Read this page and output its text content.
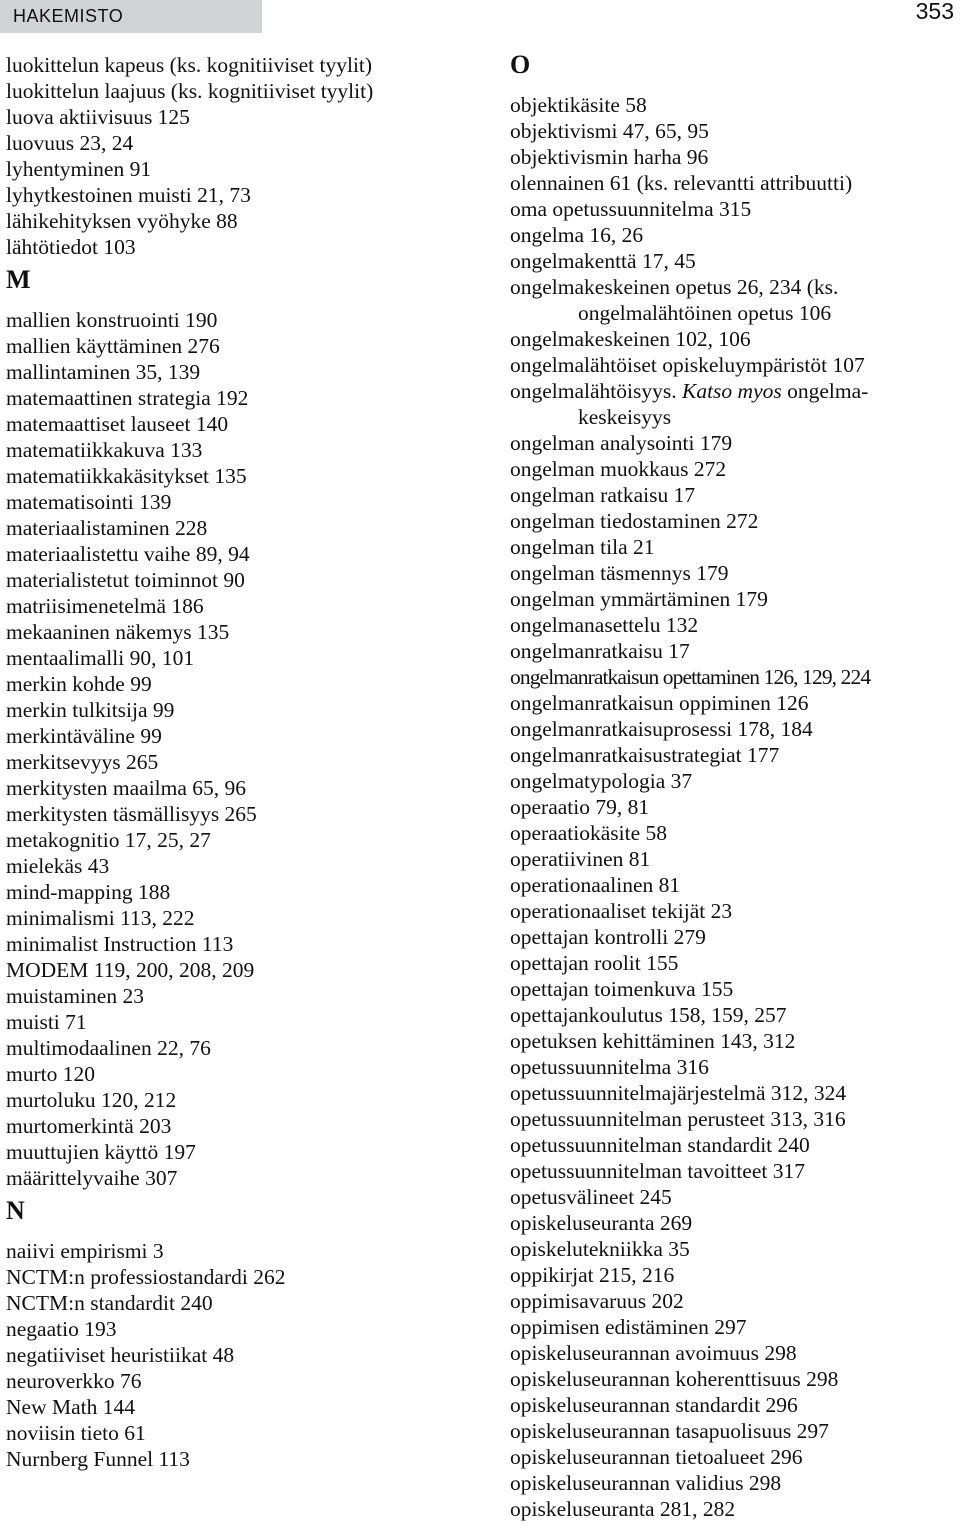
HAKEMISTO	353
luokittelun kapeus (ks. kognitiiviset tyylit)
luokittelun laajuus (ks. kognitiiviset tyylit)
luova aktiivisuus 125
luovuus 23, 24
lyhentyminen 91
lyhytkestoinen muisti 21, 73
lähikehityksen vyöhyke 88
lähtötiedot 103
M
mallien konstruointi 190
mallien käyttäminen 276
mallintaminen 35, 139
matemaattinen strategia 192
matemaattiset lauseet 140
matematiikkakuva 133
matematiikkakäsitykset 135
matematisointi 139
materiaalistaminen 228
materiaalistettu vaihe 89, 94
materialistetut toiminnot 90
matriisimenetelmä 186
mekaaninen näkemys 135
mentaalimalli 90, 101
merkin kohde 99
merkin tulkitsija 99
merkintäväline 99
merkitsevyys 265
merkitysten maailma 65, 96
merkitysten täsmällisyys 265
metakognitio 17, 25, 27
mielekäs 43
mind-mapping 188
minimalismi 113, 222
minimalist Instruction 113
MODEM 119, 200, 208, 209
muistaminen 23
muisti 71
multimodaalinen 22, 76
murto 120
murtoluku 120, 212
murtomerkintä 203
muuttujien käyttö 197
määrittelyvaihe 307
N
naiivi empirismi 3
NCTM:n professiostandardi 262
NCTM:n standardit 240
negaatio 193
negatiiviset heuristiikat 48
neuroverkko 76
New Math 144
noviisin tieto 61
Nurnberg Funnel 113
O
objektikäsite 58
objektivismi 47, 65, 95
objektivismin harha 96
olennainen 61 (ks. relevantti attribuutti)
oma opetussuunnitelma 315
ongelma 16, 26
ongelmakenttä 17, 45
ongelmakeskeinen opetus 26, 234 (ks.
ongelmalähtöinen opetus 106
ongelmakeskeinen 102, 106
ongelmalähtöiset opiskeluympäristöt 107
ongelmalähtöisyys. Katso myos ongelma-
keskeisyys
ongelman analysointi 179
ongelman muokkaus 272
ongelman ratkaisu 17
ongelman tiedostaminen 272
ongelman tila 21
ongelman täsmennys 179
ongelman ymmärtäminen 179
ongelmanasettelu 132
ongelmanratkaisu 17
ongelmanratkaisun opettaminen 126, 129, 224
ongelmanratkaisun oppiminen 126
ongelmanratkaisuprosessi 178, 184
ongelmanratkaisustrategiat 177
ongelmatypologia 37
operaatio 79, 81
operaatiokäsite 58
operatiivinen 81
operationaalinen 81
operationaaliset tekijät 23
opettajan kontrolli 279
opettajan roolit 155
opettajan toimenkuva 155
opettajankoulutus 158, 159, 257
opetuksen kehittäminen 143, 312
opetussuunnitelma 316
opetussuunnitelmajärjestelmä 312, 324
opetussuunnitelman perusteet 313, 316
opetussuunnitelman standardit 240
opetussuunnitelman tavoitteet 317
opetusvälineet 245
opiskeluseuranta 269
opiskelutekniikka 35
oppikirjat 215, 216
oppimisavaruus 202
oppimisen edistäminen 297
opiskeluseurannan avoimuus 298
opiskeluseurannan koherenttisuus 298
opiskeluseurannan standardit 296
opiskeluseurannan tasapuolisuus 297
opiskeluseurannan tietoalueet 296
opiskeluseurannan validius 298
opiskeluseuranta 281, 282
